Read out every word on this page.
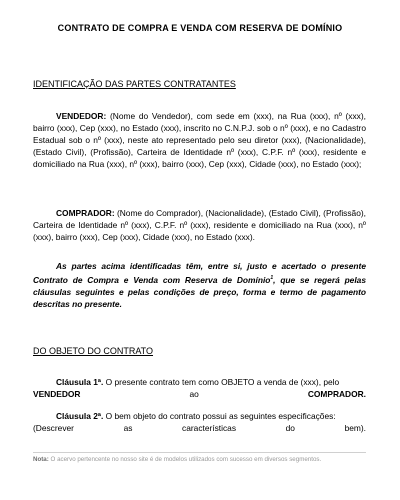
CONTRATO DE COMPRA E VENDA COM RESERVA DE DOMÍNIO
IDENTIFICAÇÃO DAS PARTES CONTRATANTES
VENDEDOR: (Nome do Vendedor), com sede em (xxx), na Rua (xxx), nº (xxx), bairro (xxx), Cep (xxx), no Estado (xxx), inscrito no C.N.P.J. sob o nº (xxx), e no Cadastro Estadual sob o nº (xxx), neste ato representado pelo seu diretor (xxx), (Nacionalidade), (Estado Civil), (Profissão), Carteira de Identidade nº (xxx), C.P.F. nº (xxx), residente e domiciliado na Rua (xxx), nº (xxx), bairro (xxx), Cep (xxx), Cidade (xxx), no Estado (xxx);
COMPRADOR: (Nome do Comprador), (Nacionalidade), (Estado Civil), (Profissão), Carteira de Identidade nº (xxx), C.P.F. nº (xxx), residente e domiciliado na Rua (xxx), nº (xxx), bairro (xxx), Cep (xxx), Cidade (xxx), no Estado (xxx).
As partes acima identificadas têm, entre si, justo e acertado o presente Contrato de Compra e Venda com Reserva de Domínio$^1$, que se regerá pelas cláusulas seguintes e pelas condições de preço, forma e termo de pagamento descritas no presente.
DO OBJETO DO CONTRATO
Cláusula 1ª. O presente contrato tem como OBJETO a venda de (xxx), pelo
VENDEDOR	ao	COMPRADOR.
Cláusula 2ª. O bem objeto do contrato possui as seguintes especificações:
(Descrever	as	características	do	bem).
Nota: O acervo pertencente no nosso site é de modelos utilizados com sucesso em diversos segmentos.
